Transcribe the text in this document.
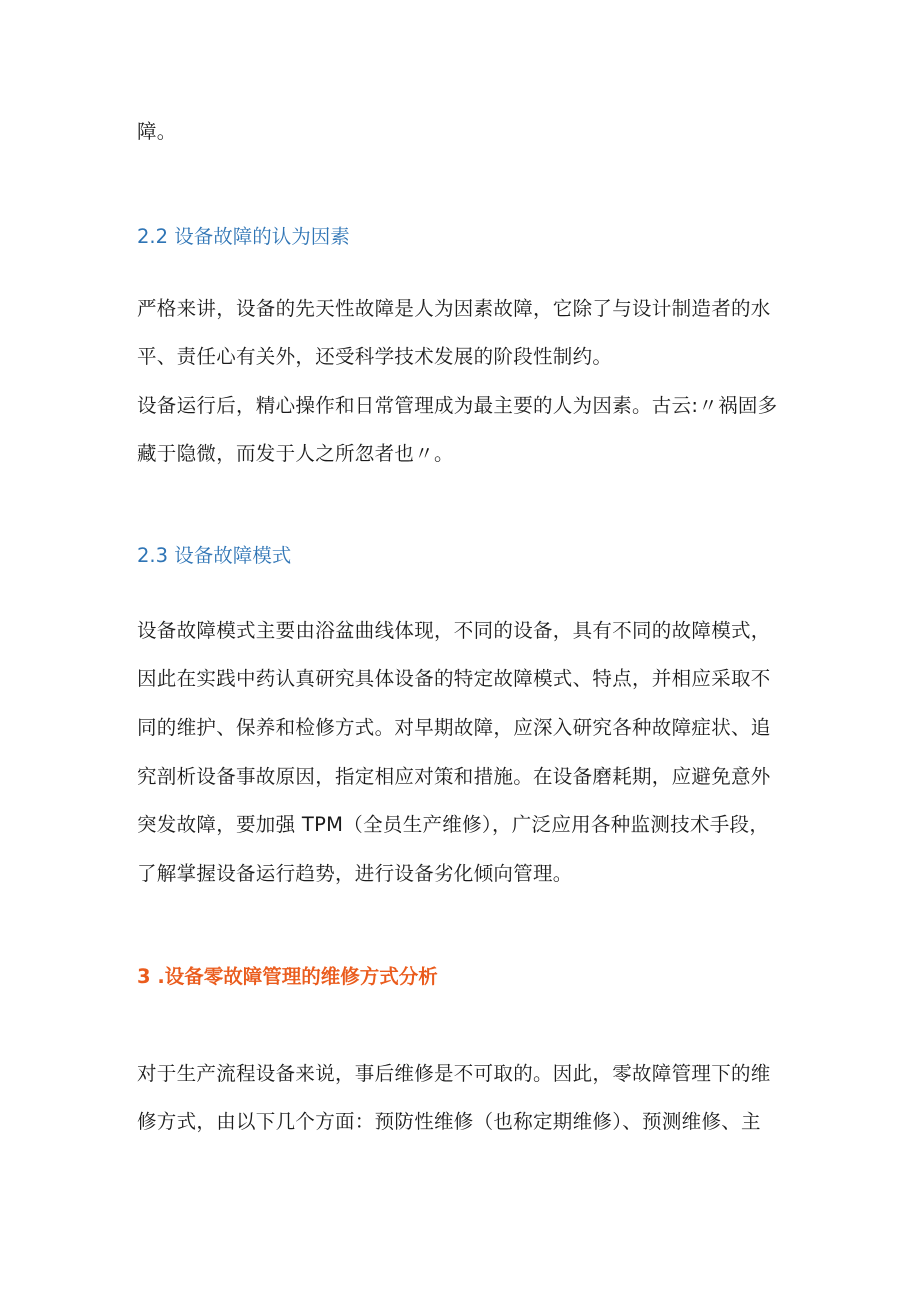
障。

2.2 设备故障的认为因素

严格来讲，设备的先天性故障是人为因素故障，它除了与设计制造者的水

平、责任心有关外，还受科学技术发展的阶段性制约。

设备运行后，精心操作和日常管理成为最主要的人为因素。古云:〃祸固多

藏于隐微，而发于人之所忽者也〃。

2.3 设备故障模式

设备故障模式主要由浴盆曲线体现，不同的设备，具有不同的故障模式，

因此在实践中药认真研究具体设备的特定故障模式、特点，并相应采取不

同的维护、保养和检修方式。对早期故障，应深入研究各种故障症状、追

究剖析设备事故原因，指定相应对策和措施。在设备磨耗期，应避免意外

突发故障，要加强 TPM（全员生产维修），广泛应用各种监测技术手段，

了解掌握设备运行趋势，进行设备劣化倾向管理。

3 .设备零故障管理的维修方式分析

对于生产流程设备来说，事后维修是不可取的。因此，零故障管理下的维

修方式，由以下几个方面：预防性维修（也称定期维修）、预测维修、主
